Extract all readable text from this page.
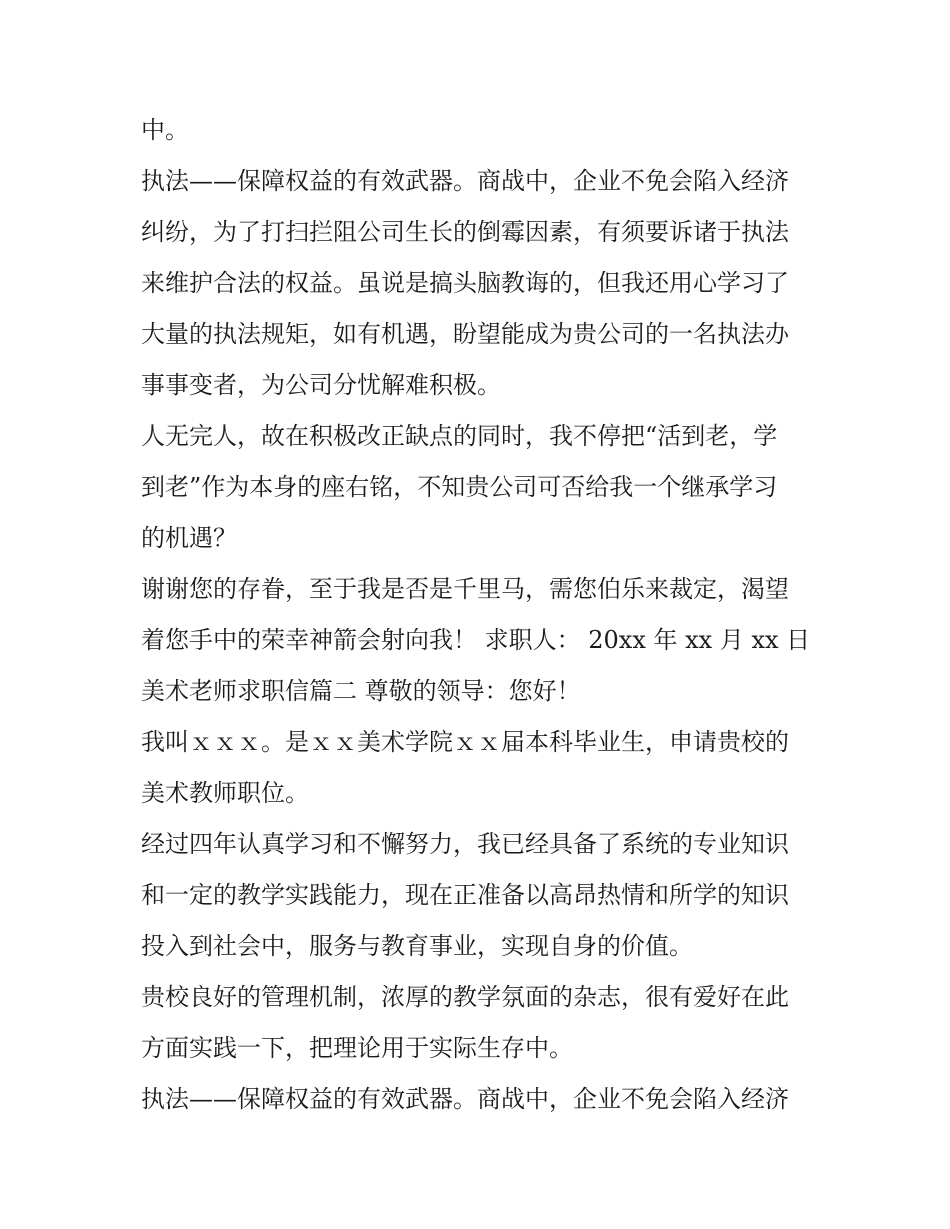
中。

执法——保障权益的有效武器。商战中，企业不免会陷入经济

纠纷，为了打扫拦阻公司生长的倒霉因素，有须要诉诸于执法

来维护合法的权益。虽说是搞头脑教诲的，但我还用心学习了

大量的执法规矩，如有机遇，盼望能成为贵公司的一名执法办

事事变者，为公司分忧解难积极。

人无完人，故在积极改正缺点的同时，我不停把“活到老，学

到老”作为本身的座右铭，不知贵公司可否给我一个继承学习

的机遇？

谢谢您的存眷，至于我是否是千里马，需您伯乐来裁定，渴望

着您手中的荣幸神箭会射向我！ 求职人： 20xx 年 xx 月 xx 日

美术老师求职信篇二 尊敬的领导：您好！

我叫ｘｘｘ。是ｘｘ美术学院ｘｘ届本科毕业生，申请贵校的

美术教师职位。

经过四年认真学习和不懈努力，我已经具备了系统的专业知识

和一定的教学实践能力，现在正准备以高昂热情和所学的知识

投入到社会中，服务与教育事业，实现自身的价值。

贵校良好的管理机制，浓厚的教学氛面的杂志，很有爱好在此

方面实践一下，把理论用于实际生存中。

执法——保障权益的有效武器。商战中，企业不免会陷入经济
